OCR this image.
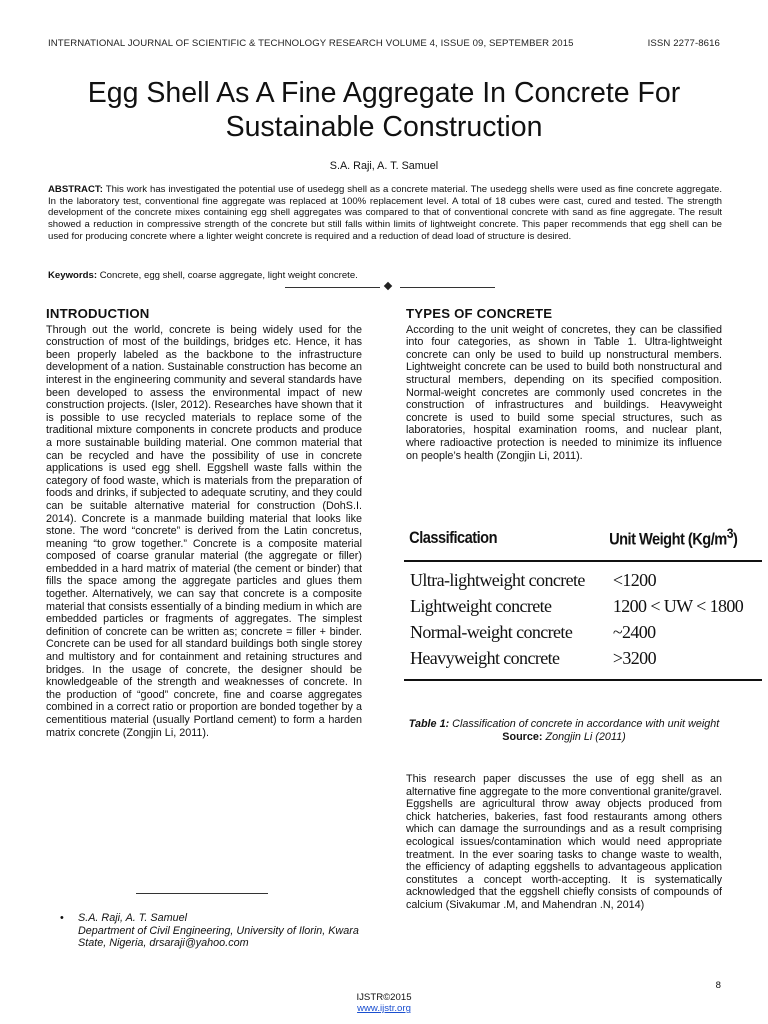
INTERNATIONAL JOURNAL OF SCIENTIFIC & TECHNOLOGY RESEARCH VOLUME 4, ISSUE 09, SEPTEMBER 2015	ISSN 2277-8616
Egg Shell As A Fine Aggregate In Concrete For
Sustainable Construction
S.A. Raji, A. T. Samuel
ABSTRACT: This work has investigated the potential use of usedegg shell as a concrete material. The usedegg shells were used as fine concrete aggregate. In the laboratory test, conventional fine aggregate was replaced at 100% replacement level. A total of 18 cubes were cast, cured and tested. The strength development of the concrete mixes containing egg shell aggregates was compared to that of conventional concrete with sand as fine aggregate. The result showed a reduction in compressive strength of the concrete but still falls within limits of lightweight concrete. This paper recommends that egg shell can be used for producing concrete where a lighter weight concrete is required and a reduction of dead load of structure is desired.
Keywords: Concrete, egg shell, coarse aggregate, light weight concrete.
INTRODUCTION

Through out the world, concrete is being widely used for the construction of most of the buildings, bridges etc. Hence, it has been properly labeled as the backbone to the infrastructure development of a nation. Sustainable construction has become an interest in the engineering community and several standards have been developed to assess the environmental impact of new construction projects. (Isler, 2012). Researches have shown that it is possible to use recycled materials to replace some of the traditional mixture components in concrete products and produce a more sustainable building material. One common material that can be recycled and have the possibility of use in concrete applications is used egg shell. Eggshell waste falls within the category of food waste, which is materials from the preparation of foods and drinks, if subjected to adequate scrutiny, and they could can be suitable alternative material for construction (DohS.I. 2014). Concrete is a manmade building material that looks like stone. The word “concrete” is derived from the Latin concretus, meaning “to grow together.” Concrete is a composite material composed of coarse granular material (the aggregate or filler) embedded in a hard matrix of material (the cement or binder) that fills the space among the aggregate particles and glues them together. Alternatively, we can say that concrete is a composite material that consists essentially of a binding medium in which are embedded particles or fragments of aggregates. The simplest definition of concrete can be written as; concrete = filler + binder. Concrete can be used for all standard buildings both single storey and multistory and for containment and retaining structures and bridges. In the usage of concrete, the designer should be knowledgeable of the strength and weaknesses of concrete. In the production of “good” concrete, fine and coarse aggregates combined in a correct ratio or proportion are bonded together by a cementitious material (usually Portland cement) to form a harden matrix concrete (Zongjin Li, 2011).

TYPES OF CONCRETE

According to the unit weight of concretes, they can be classified into four categories, as shown in Table 1. Ultra-lightweight concrete can only be used to build up nonstructural members. Lightweight concrete can be used to build both nonstructural and structural members, depending on its specified composition. Normal-weight concretes are commonly used concretes in the construction of infrastructures and buildings. Heavyweight concrete is used to build some special structures, such as laboratories, hospital examination rooms, and nuclear plant, where radioactive protection is needed to minimize its influence on people’s health (Zongjin Li, 2011).

Classification	Unit Weight $(Kg/m^3)$
Ultra-lightweight concrete	<1200
Lightweight concrete	1200 < UW < 1800
Normal-weight concrete	~2400
Heavyweight concrete	>3200
Table 1: Classification of concrete in accordance with unit weight
Source: Zongjin Li (2011)

This research paper discusses the use of egg shell as an alternative fine aggregate to the more conventional granite/gravel. Eggshells are agricultural throw away objects produced from chick hatcheries, bakeries, fast food restaurants among others which can damage the surroundings and as a result comprising ecological issues/contamination which would need appropriate treatment. In the ever soaring tasks to change waste to wealth, the efficiency of adapting eggshells to advantageous application constitutes a concept worth-accepting. It is systematically acknowledged that the eggshell chiefly consists of compounds of calcium (Sivakumar .M, and Mahendran .N, 2014)

• S.A. Raji, A. T. Samuel
Department of Civil Engineering, University of Ilorin, Kwara State, Nigeria, drsaraji@yahoo.com
8
IJSTR©2015
www.ijstr.org
